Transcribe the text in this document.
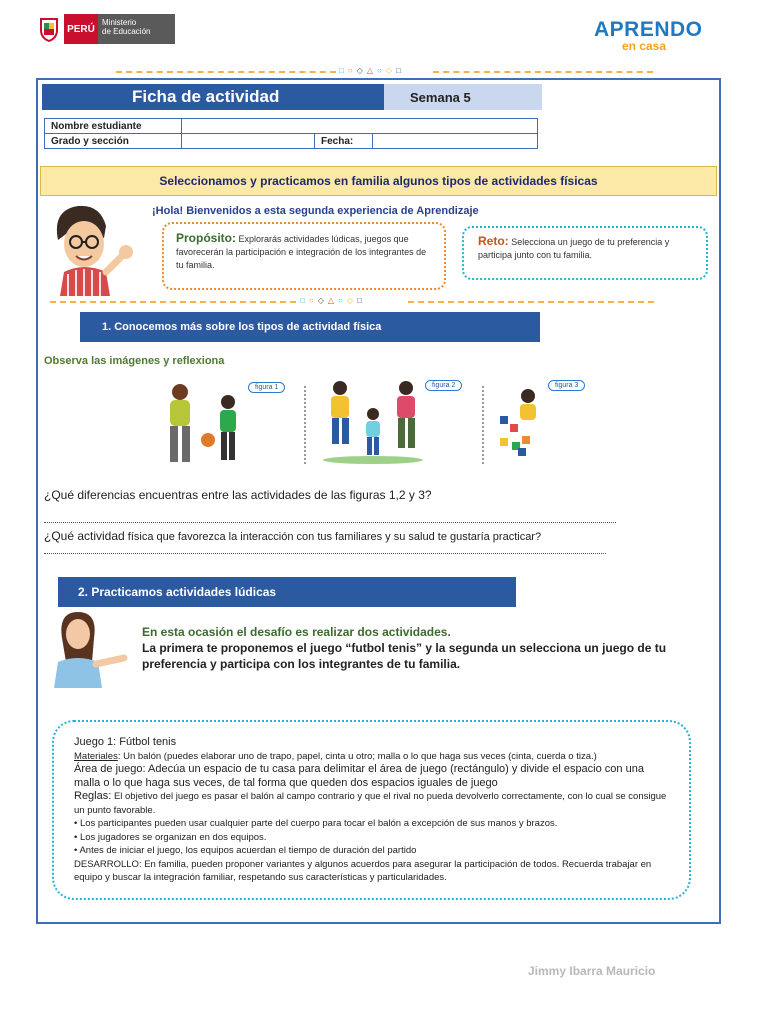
PERÚ
Ministerio
de Educación	APRENDO
en casa
□ ○ ◇ △ ○ ◇ □
Ficha de actividad	Semana 5
Nombre estudiante			
Grado y sección		Fecha:	
Seleccionamos y practicamos en familia algunos tipos de actividades físicas
¡Hola! Bienvenidos a esta segunda experiencia de Aprendizaje
Propósito: Explorarás actividades lúdicas, juegos que favorecerán la participación e integración de los integrantes de tu familia.
Reto: Selecciona un juego de tu preferencia y participa junto con tu familia.
□ ○ ◇ △ ○ ◇ □
1. Conocemos más sobre los tipos de actividad física
Observa las imágenes y reflexiona
figura 1	figura 2	figura 3
¿Qué diferencias encuentras entre las actividades de las figuras 1,2 y 3?
¿Qué actividad física que favorezca la interacción con tus familiares y su salud te gustaría practicar?
2. Practicamos actividades lúdicas
En esta ocasión el desafío es realizar dos actividades.
La primera te proponemos el juego “futbol tenis” y la segunda un selecciona un juego de tu preferencia y participa con los integrantes de tu familia.
Juego 1: Fútbol tenis
Materiales: Un balón (puedes elaborar uno de trapo, papel, cinta u otro; malla o lo que haga sus veces (cinta, cuerda o tiza.)
Área de juego: Adecúa un espacio de tu casa para delimitar el área de juego (rectángulo) y divide el espacio con una malla o lo que haga sus veces, de tal forma que queden dos espacios iguales de juego
Reglas: El objetivo del juego es pasar el balón al campo contrario y que el rival no pueda devolverlo correctamente, con lo cual se consigue un punto favorable.
• Los participantes pueden usar cualquier parte del cuerpo para tocar el balón a excepción de sus manos y brazos.
• Los jugadores se organizan en dos equipos.
• Antes de iniciar el juego, los equipos acuerdan el tiempo de duración del partido
DESARROLLO: En familia, pueden proponer variantes y algunos acuerdos para asegurar la participación de todos. Recuerda trabajar en equipo y buscar la integración familiar, respetando sus características y particularidades.
Jimmy Ibarra Mauricio
